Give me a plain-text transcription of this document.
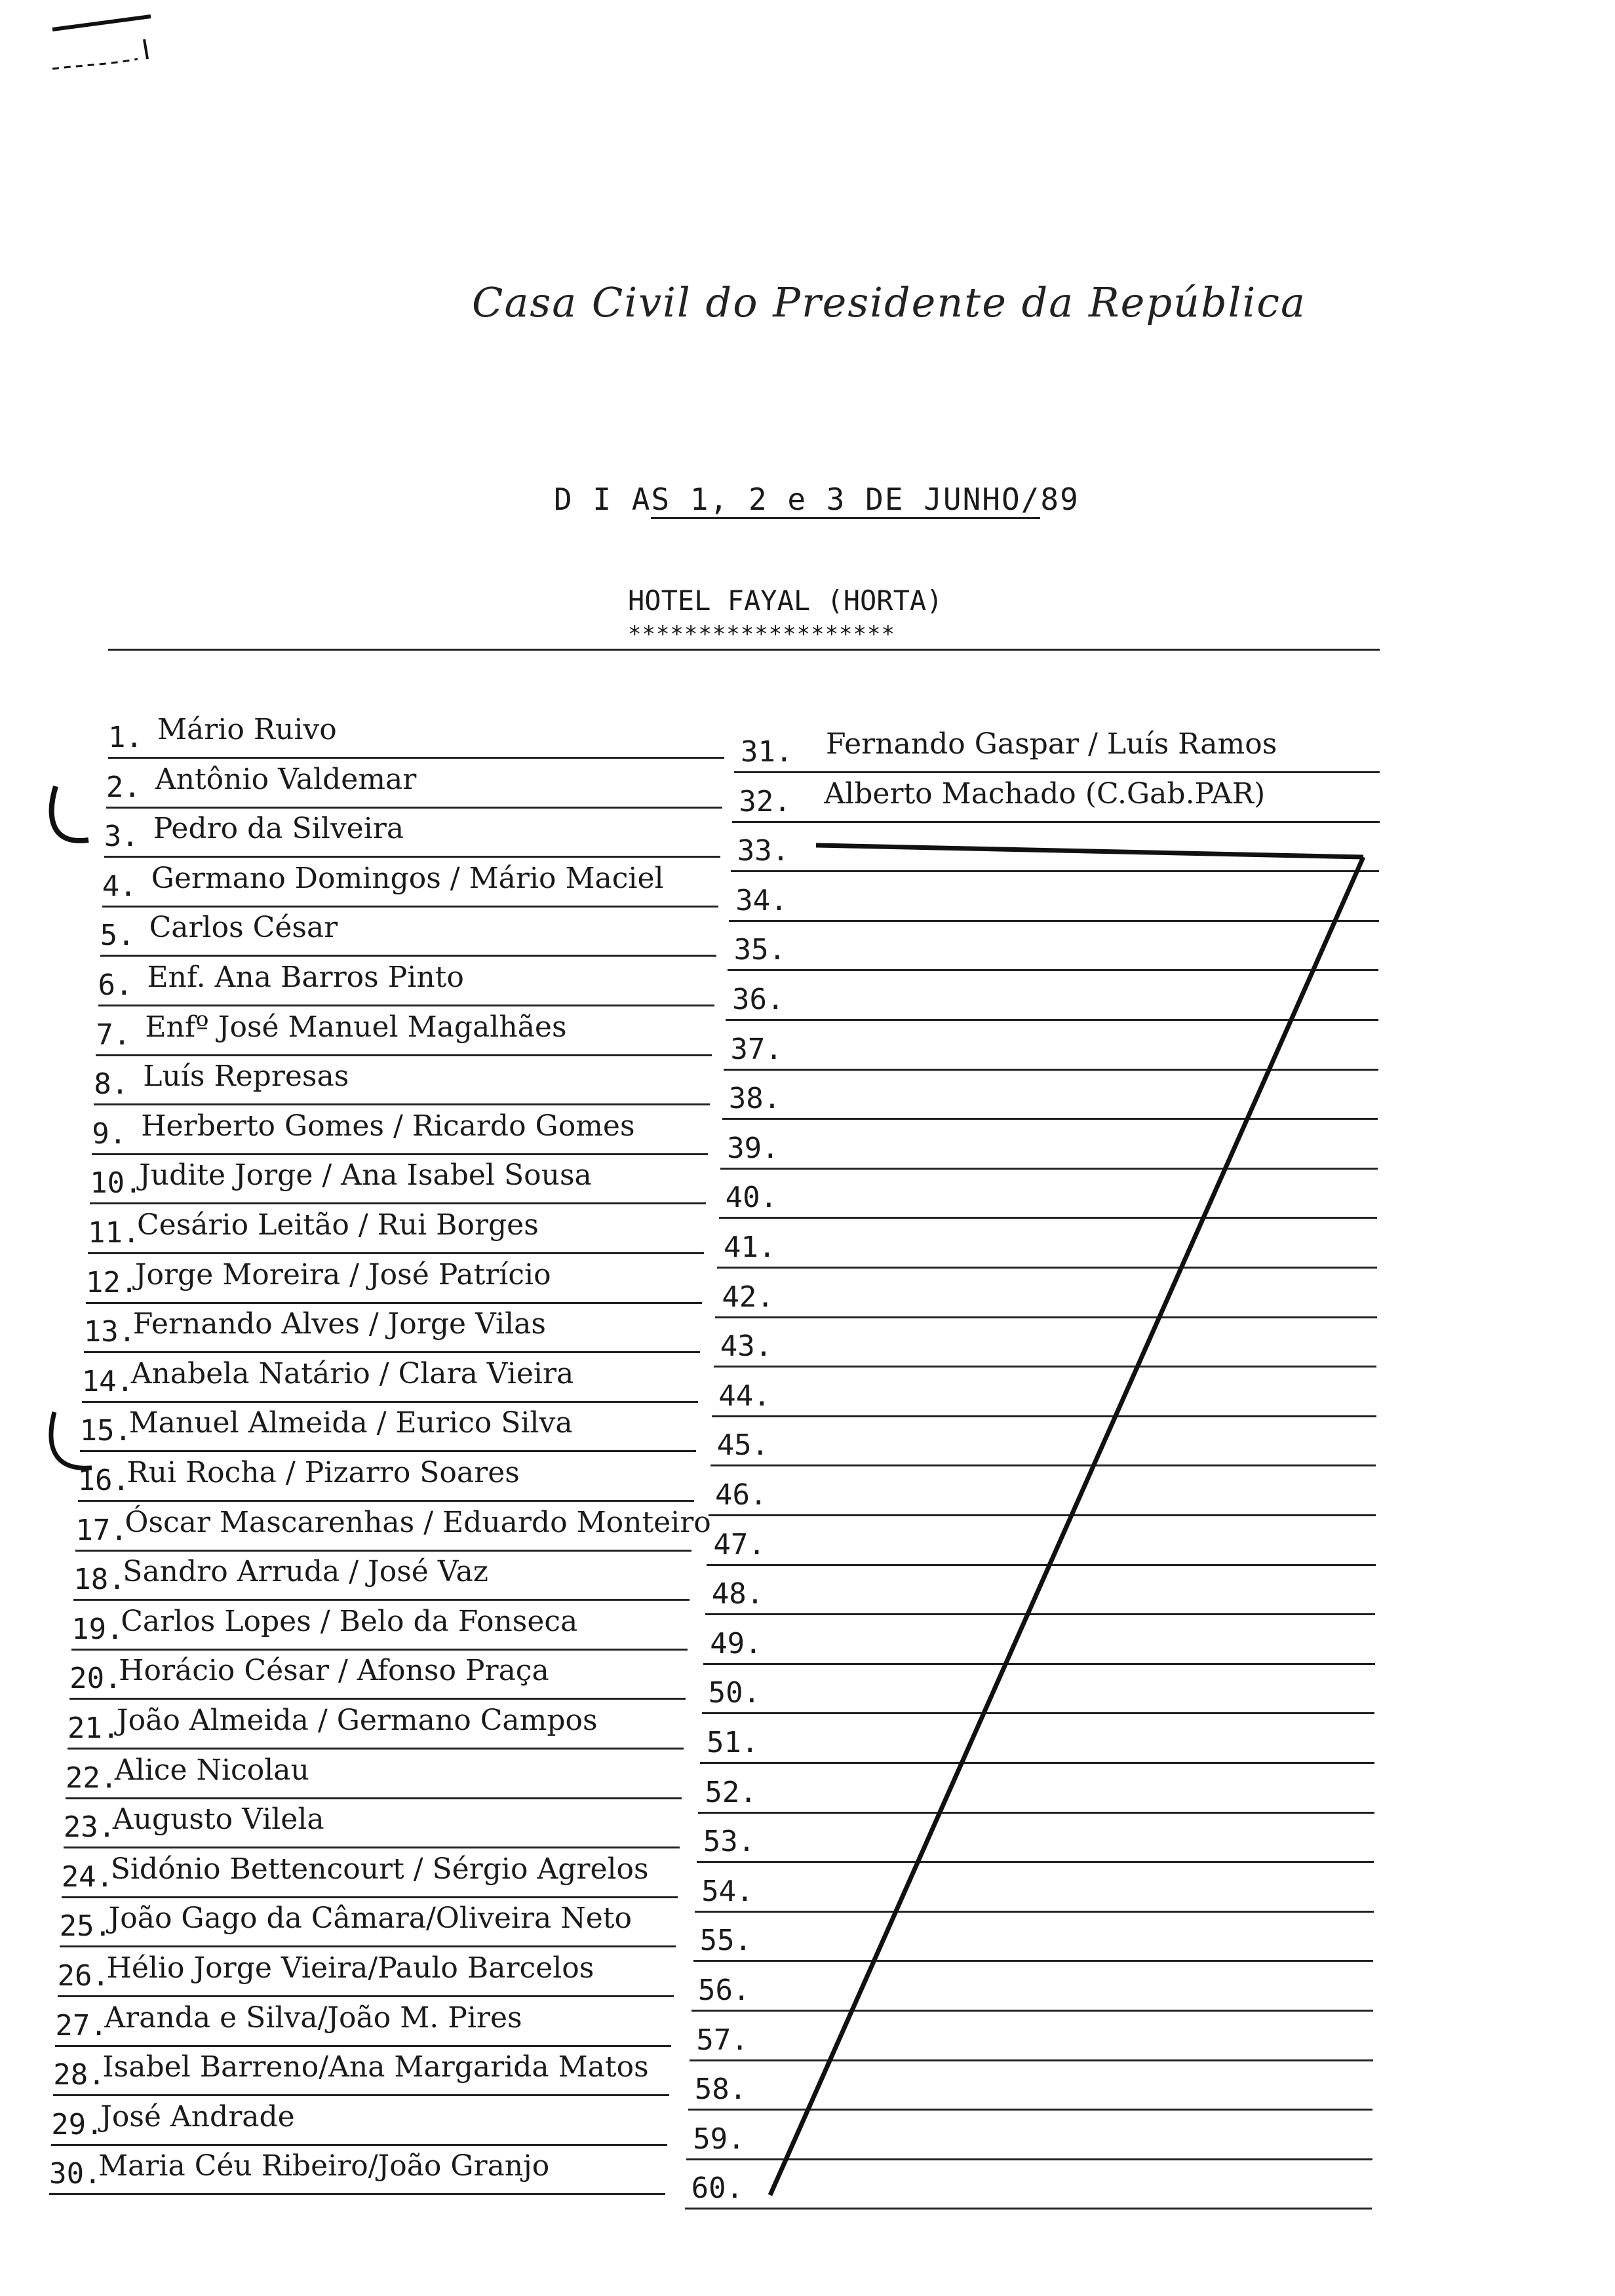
Casa Civil do Presidente da República
D I AS 1, 2 e 3 DE JUNHO/89
HOTEL FAYAL (HORTA)
*******************
1. Mário Ruivo
2. Antônio Valdemar
3. Pedro da Silveira
4. Germano Domingos / Mário Maciel
5. Carlos César
6. Enf. Ana Barros Pinto
7. Enfº José Manuel Magalhães
8. Luís Represas
9. Herberto Gomes / Ricardo Gomes
10.
Judite Jorge / Ana Isabel Sousa
11.
Cesário Leitão / Rui Borges
12.
Jorge Moreira / José Patrício
13.
Fernando Alves / Jorge Vilas
14.
Anabela Natário / Clara Vieira
15.
Manuel Almeida / Eurico Silva
16.
Rui Rocha / Pizarro Soares
17.
Óscar Mascarenhas / Eduardo Monteiro
18.
Sandro Arruda / José Vaz
19.
Carlos Lopes / Belo da Fonseca
20.
Horácio César / Afonso Praça
21.
João Almeida / Germano Campos
22.
Alice Nicolau
23.
Augusto Vilela
24.
Sidónio Bettencourt / Sérgio Agrelos
25.
João Gago da Câmara/Oliveira Neto
26.
Hélio Jorge Vieira/Paulo Barcelos
27.
Aranda e Silva/João M. Pires
28.
Isabel Barreno/Ana Margarida Matos
29.
José Andrade
30.
Maria Céu Ribeiro/João Granjo
31. Fernando Gaspar / Luís Ramos
32. Alberto Machado (C.Gab.PAR)
33.
34.
35.
36.
37.
38.
39.
40.
41.
42.
43.
44.
45.
46.
47.
48.
49.
50.
51.
52.
53.
54.
55.
56.
57.
58.
59.
60.
